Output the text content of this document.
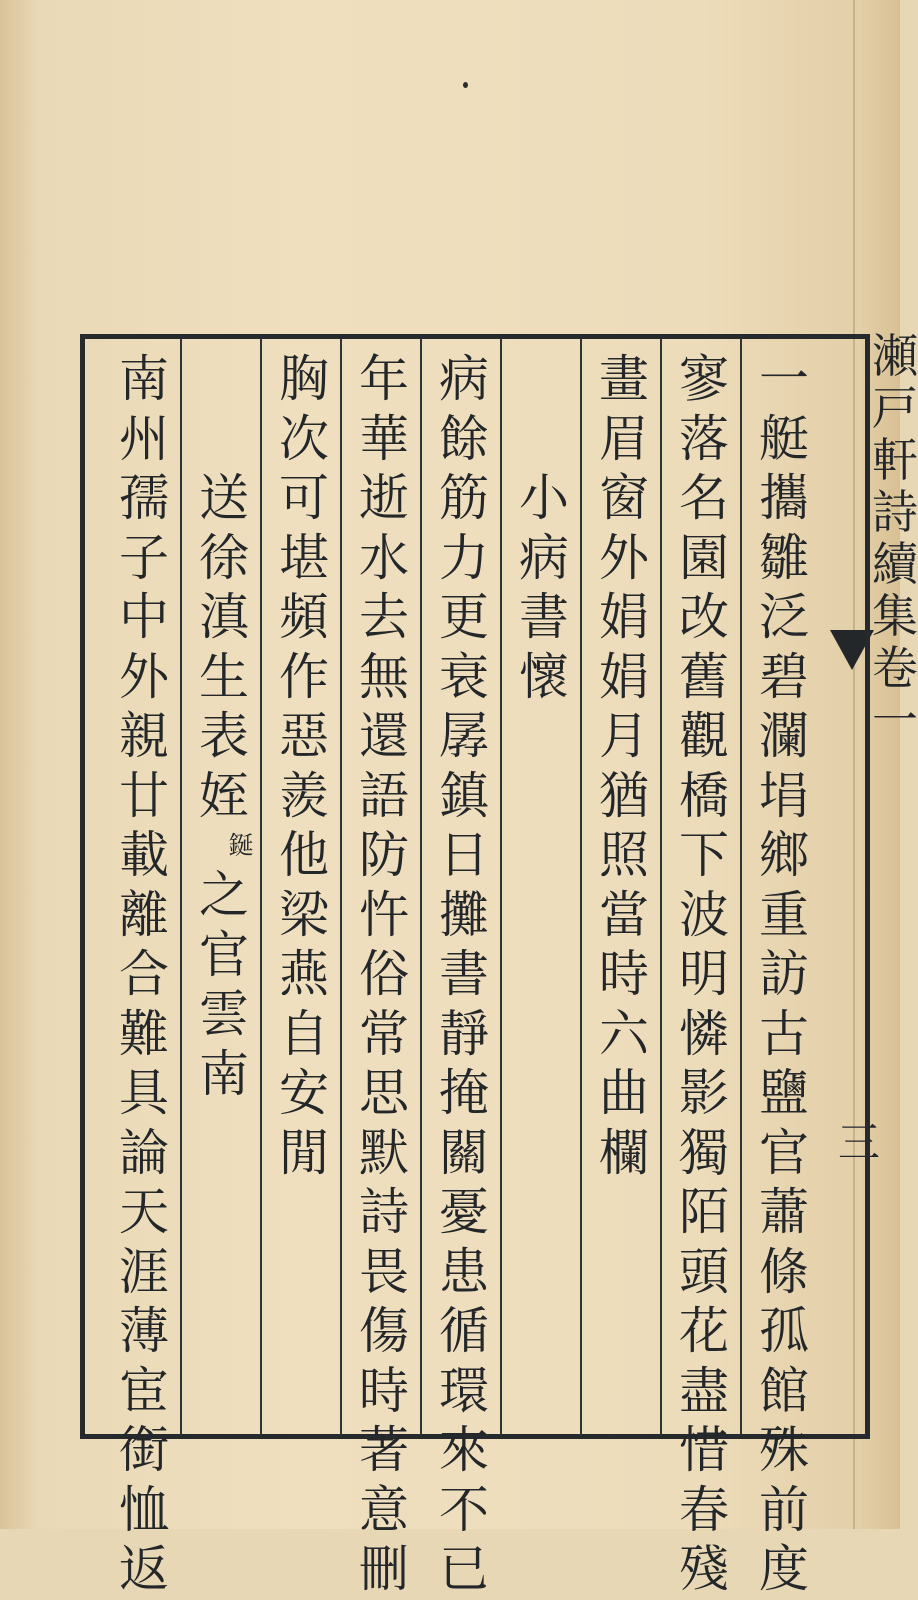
瀬
戸
軒
詩
續
集
卷
一
三
一
艇
攜
雛
泛
碧
瀾
埍
鄉
重
訪
古
鹽
官
蕭
條
孤
館
殊
前
度
寥
落
名
園
改
舊
觀
橋
下
波
明
憐
影
獨
陌
頭
花
盡
惜
春
殘
畫
眉
窗
外
娟
娟
月
猶
照
當
時
六
曲
欄
小
病
書
懷
病
餘
筋
力
更
衰
孱
鎮
日
攤
書
靜
掩
關
憂
患
循
環
來
不
已
年
華
逝
水
去
無
還
語
防
忤
俗
常
思
默
詩
畏
傷
時
著
意
刪
胸
次
可
堪
頻
作
惡
羨
他
梁
燕
自
安
閒
送
徐
滇
生
表
姪
鋋
之
官
雲
南
南
州
孺
子
中
外
親
廿
載
離
合
難
具
論
天
涯
薄
宦
銜
恤
返
